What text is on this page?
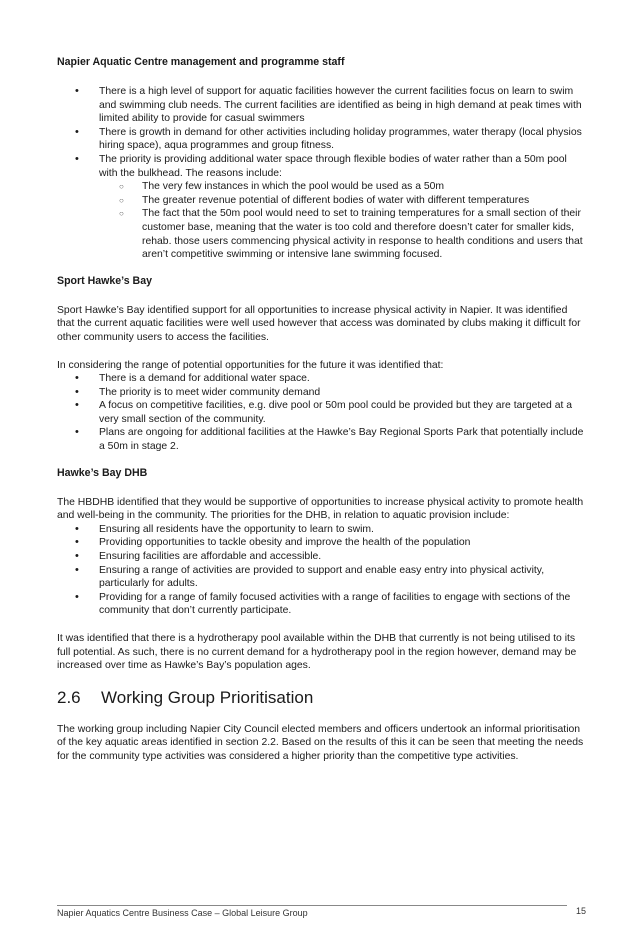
Napier Aquatic Centre management and programme staff
• There is a high level of support for aquatic facilities however the current facilities focus on learn to swim and swimming club needs. The current facilities are identified as being in high demand at peak times with limited ability to provide for casual swimmers
• There is growth in demand for other activities including holiday programmes, water therapy (local physios hiring space), aqua programmes and group fitness.
• The priority is providing additional water space through flexible bodies of water rather than a 50m pool with the bulkhead. The reasons include:
○ The very few instances in which the pool would be used as a 50m
○ The greater revenue potential of different bodies of water with different temperatures
○ The fact that the 50m pool would need to set to training temperatures for a small section of their customer base, meaning that the water is too cold and therefore doesn’t cater for smaller kids, rehab. those users commencing physical activity in response to health conditions and users that aren’t competitive swimming or intensive lane swimming focused.
Sport Hawke’s Bay

Sport Hawke’s Bay identified support for all opportunities to increase physical activity in Napier. It was identified that the current aquatic facilities were well used however that access was dominated by clubs making it difficult for other community users to access the facilities.

In considering the range of potential opportunities for the future it was identified that:

• There is a demand for additional water space.
• The priority is to meet wider community demand
• A focus on competitive facilities, e.g. dive pool or 50m pool could be provided but they are targeted at a very small section of the community.
• Plans are ongoing for additional facilities at the Hawke’s Bay Regional Sports Park that potentially include a 50m in stage 2.
Hawke’s Bay DHB

The HBDHB identified that they would be supportive of opportunities to increase physical activity to promote health and well-being in the community. The priorities for the DHB, in relation to aquatic provision include:

• Ensuring all residents have the opportunity to learn to swim.
• Providing opportunities to tackle obesity and improve the health of the population
• Ensuring facilities are affordable and accessible.
• Ensuring a range of activities are provided to support and enable easy entry into physical activity, particularly for adults.
• Providing for a range of family focused activities with a range of facilities to engage with sections of the community that don’t currently participate.

It was identified that there is a hydrotherapy pool available within the DHB that currently is not being utilised to its full potential. As such, there is no current demand for a hydrotherapy pool in the region however, demand may be increased over time as Hawke’s Bay’s population ages.

2.6 Working Group Prioritisation

The working group including Napier City Council elected members and officers undertook an informal prioritisation of the key aquatic areas identified in section 2.2. Based on the results of this it can be seen that meeting the needs for the community type activities was considered a higher priority than the competitive type activities.

Napier Aquatics Centre Business Case – Global Leisure Group	15
